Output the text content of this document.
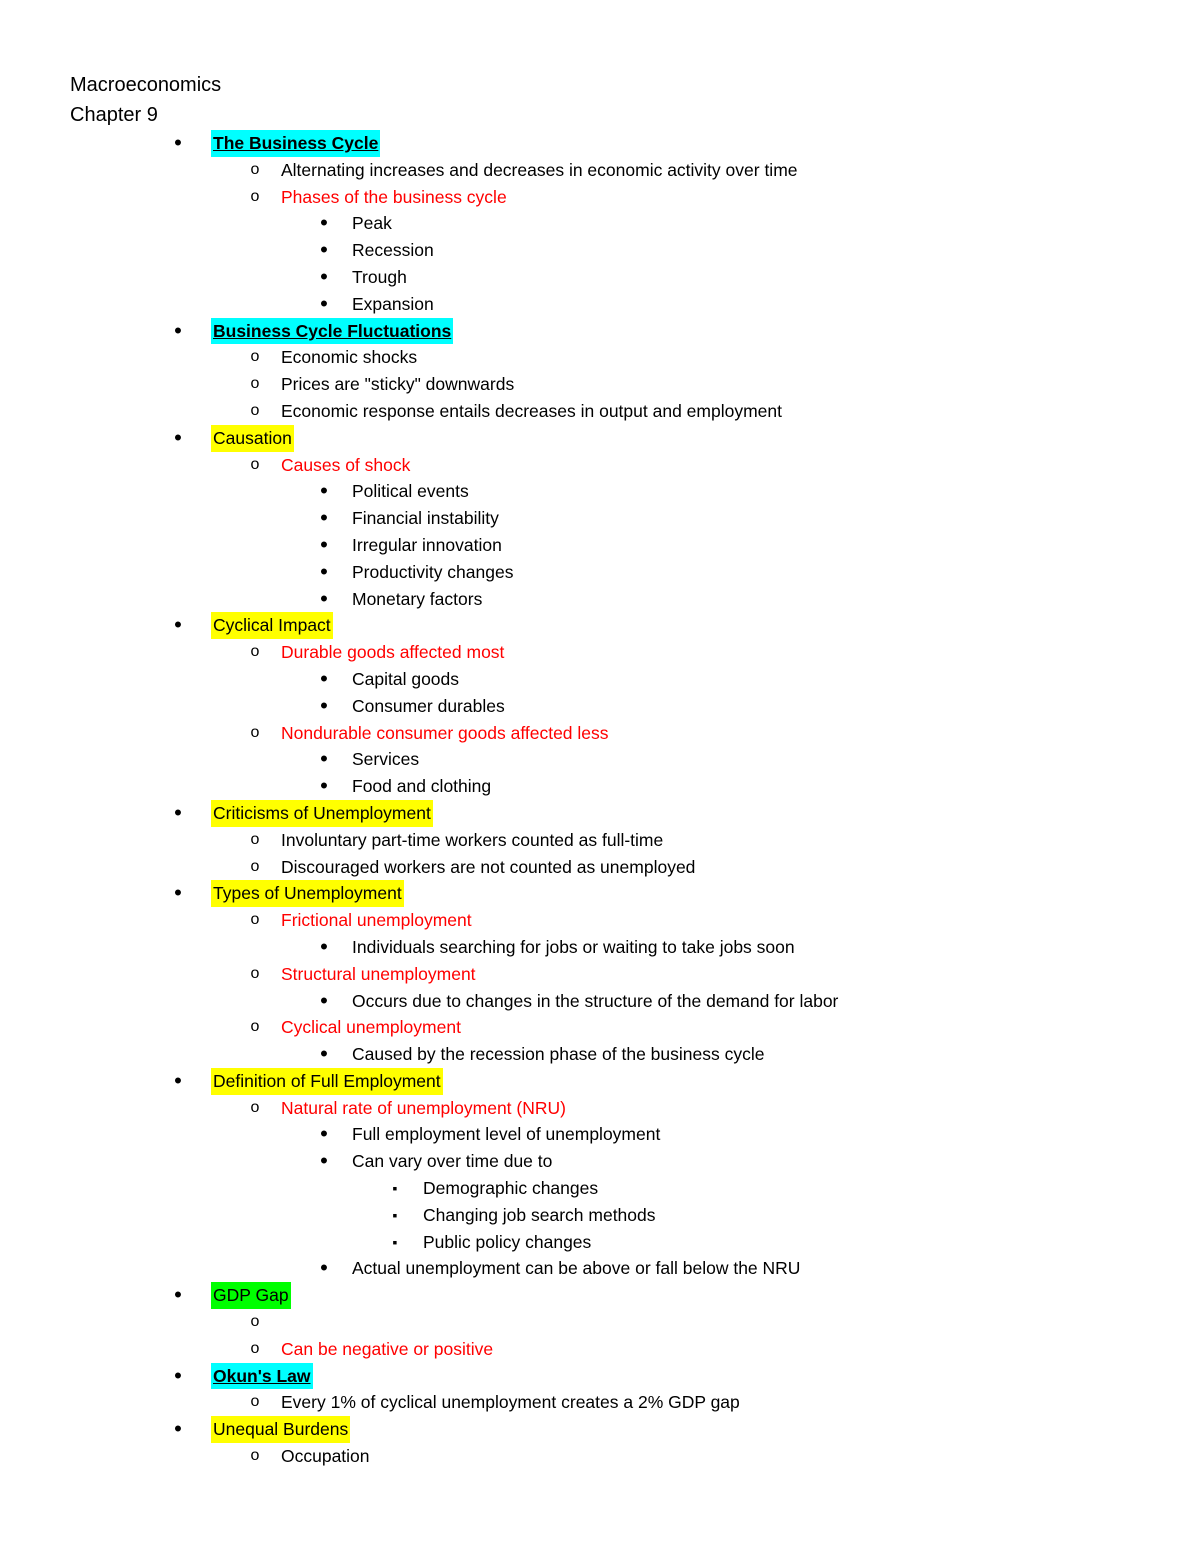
Macroeconomics
Chapter 9
•
The Business Cycle
o
Alternating increases and decreases in economic activity over time
o
Phases of the business cycle
•
Peak
•
Recession
•
Trough
•
Expansion
•
Business Cycle Fluctuations
o
Economic shocks
o
Prices are "sticky" downwards
o
Economic response entails decreases in output and employment
•
Causation
o
Causes of shock
•
Political events
•
Financial instability
•
Irregular innovation
•
Productivity changes
•
Monetary factors
•
Cyclical Impact
o
Durable goods affected most
•
Capital goods
•
Consumer durables
o
Nondurable consumer goods affected less
•
Services
•
Food and clothing
•
Criticisms of Unemployment
o
Involuntary part-time workers counted as full-time
o
Discouraged workers are not counted as unemployed
•
Types of Unemployment
o
Frictional unemployment
•
Individuals searching for jobs or waiting to take jobs soon
o
Structural unemployment
•
Occurs due to changes in the structure of the demand for labor
o
Cyclical unemployment
•
Caused by the recession phase of the business cycle
•
Definition of Full Employment
o
Natural rate of unemployment (NRU)
•
Full employment level of unemployment
•
Can vary over time due to
▪
Demographic changes
▪
Changing job search methods
▪
Public policy changes
•
Actual unemployment can be above or fall below the NRU
•
GDP Gap
o
o
Can be negative or positive
•
Okun's Law
o
Every 1% of cyclical unemployment creates a 2% GDP gap
•
Unequal Burdens
o
Occupation
